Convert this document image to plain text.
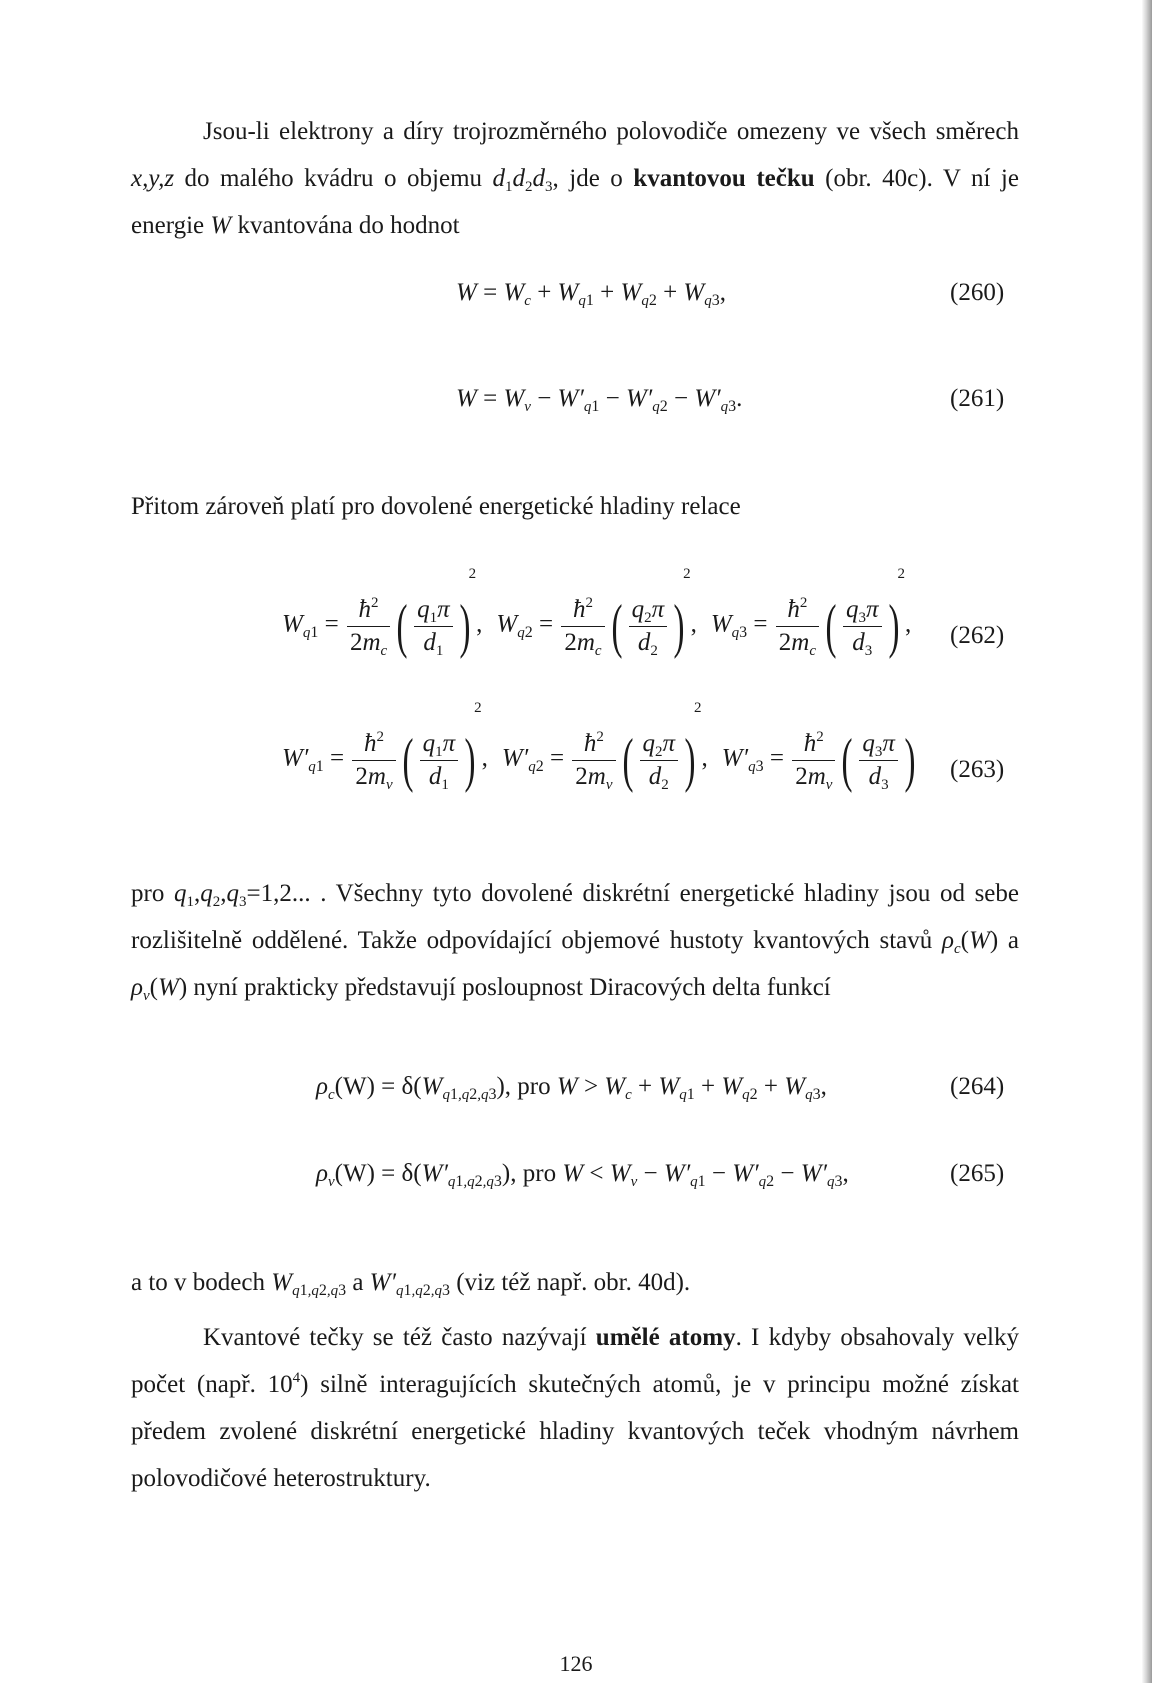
Jsou-li elektrony a díry trojrozměrného polovodiče omezeny ve všech směrech x,y,z do malého kvádru o objemu $d_1d_2d_3$, jde o kvantovou tečku (obr. 40c). V ní je energie W kvantována do hodnot

$W = W_c + W_{q1} + W_{q2} + W_{q3}$,	(260)
$W = W_v - W'_{q1} - W'_{q2} - W'_{q3}$.	(261)

Přitom zároveň platí pro dovolené energetické hladiny relace

$W_{q1} = \frac{ħ^2}{2m_c}$ ( $\frac{q_1\pi}{d_1} )2$, $W_{q2} = \frac{ħ^2}{2m_c}$ ( $\frac{q_2\pi}{d_2} )2$, $W_{q3} = \frac{ħ^2}{2m_c}$ ( $\frac{q_3\pi}{d_3} )2$,	(262)
$W'_{q1} = \frac{ħ^2}{2m_v}$ ( $\frac{q_1\pi}{d_1} )2$, $W'_{q2} = \frac{ħ^2}{2m_v}$ ( $\frac{q_2\pi}{d_2} )2$, $W'_{q3} = \frac{ħ^2}{2m_v}$ ( $\frac{q_3\pi}{d_3}$ )	(263)

pro $q_1,q_2,q_3=1,2$... . Všechny tyto dovolené diskrétní energetické hladiny jsou od sebe rozlišitelně oddělené. Takže odpovídající objemové hustoty kvantových stavů $\rho_c(W)$ a $\rho_v(W)$ nyní prakticky představují posloupnost Diracových delta funkcí

$\rho_c(W) = \delta(W_{q1,q2,q3})$, pro $W > W_c + W_{q1} + W_{q2} + W_{q3}$,	(264)
$\rho_v(W) = \delta(W'_{q1,q2,q3})$, pro $W < W_v - W'_{q1} - W'_{q2} - W'_{q3}$,	(265)

a to v bodech $W_{q1,q2,q3}$ a $W'_{q1,q2,q3}$ (viz též např. obr. 40d).

Kvantové tečky se též často nazývají umělé atomy. I kdyby obsahovaly velký počet (např. $10^4$) silně interagujících skutečných atomů, je v principu možné získat předem zvolené diskrétní energetické hladiny kvantových teček vhodným návrhem polovodičové heterostruktury.

126
